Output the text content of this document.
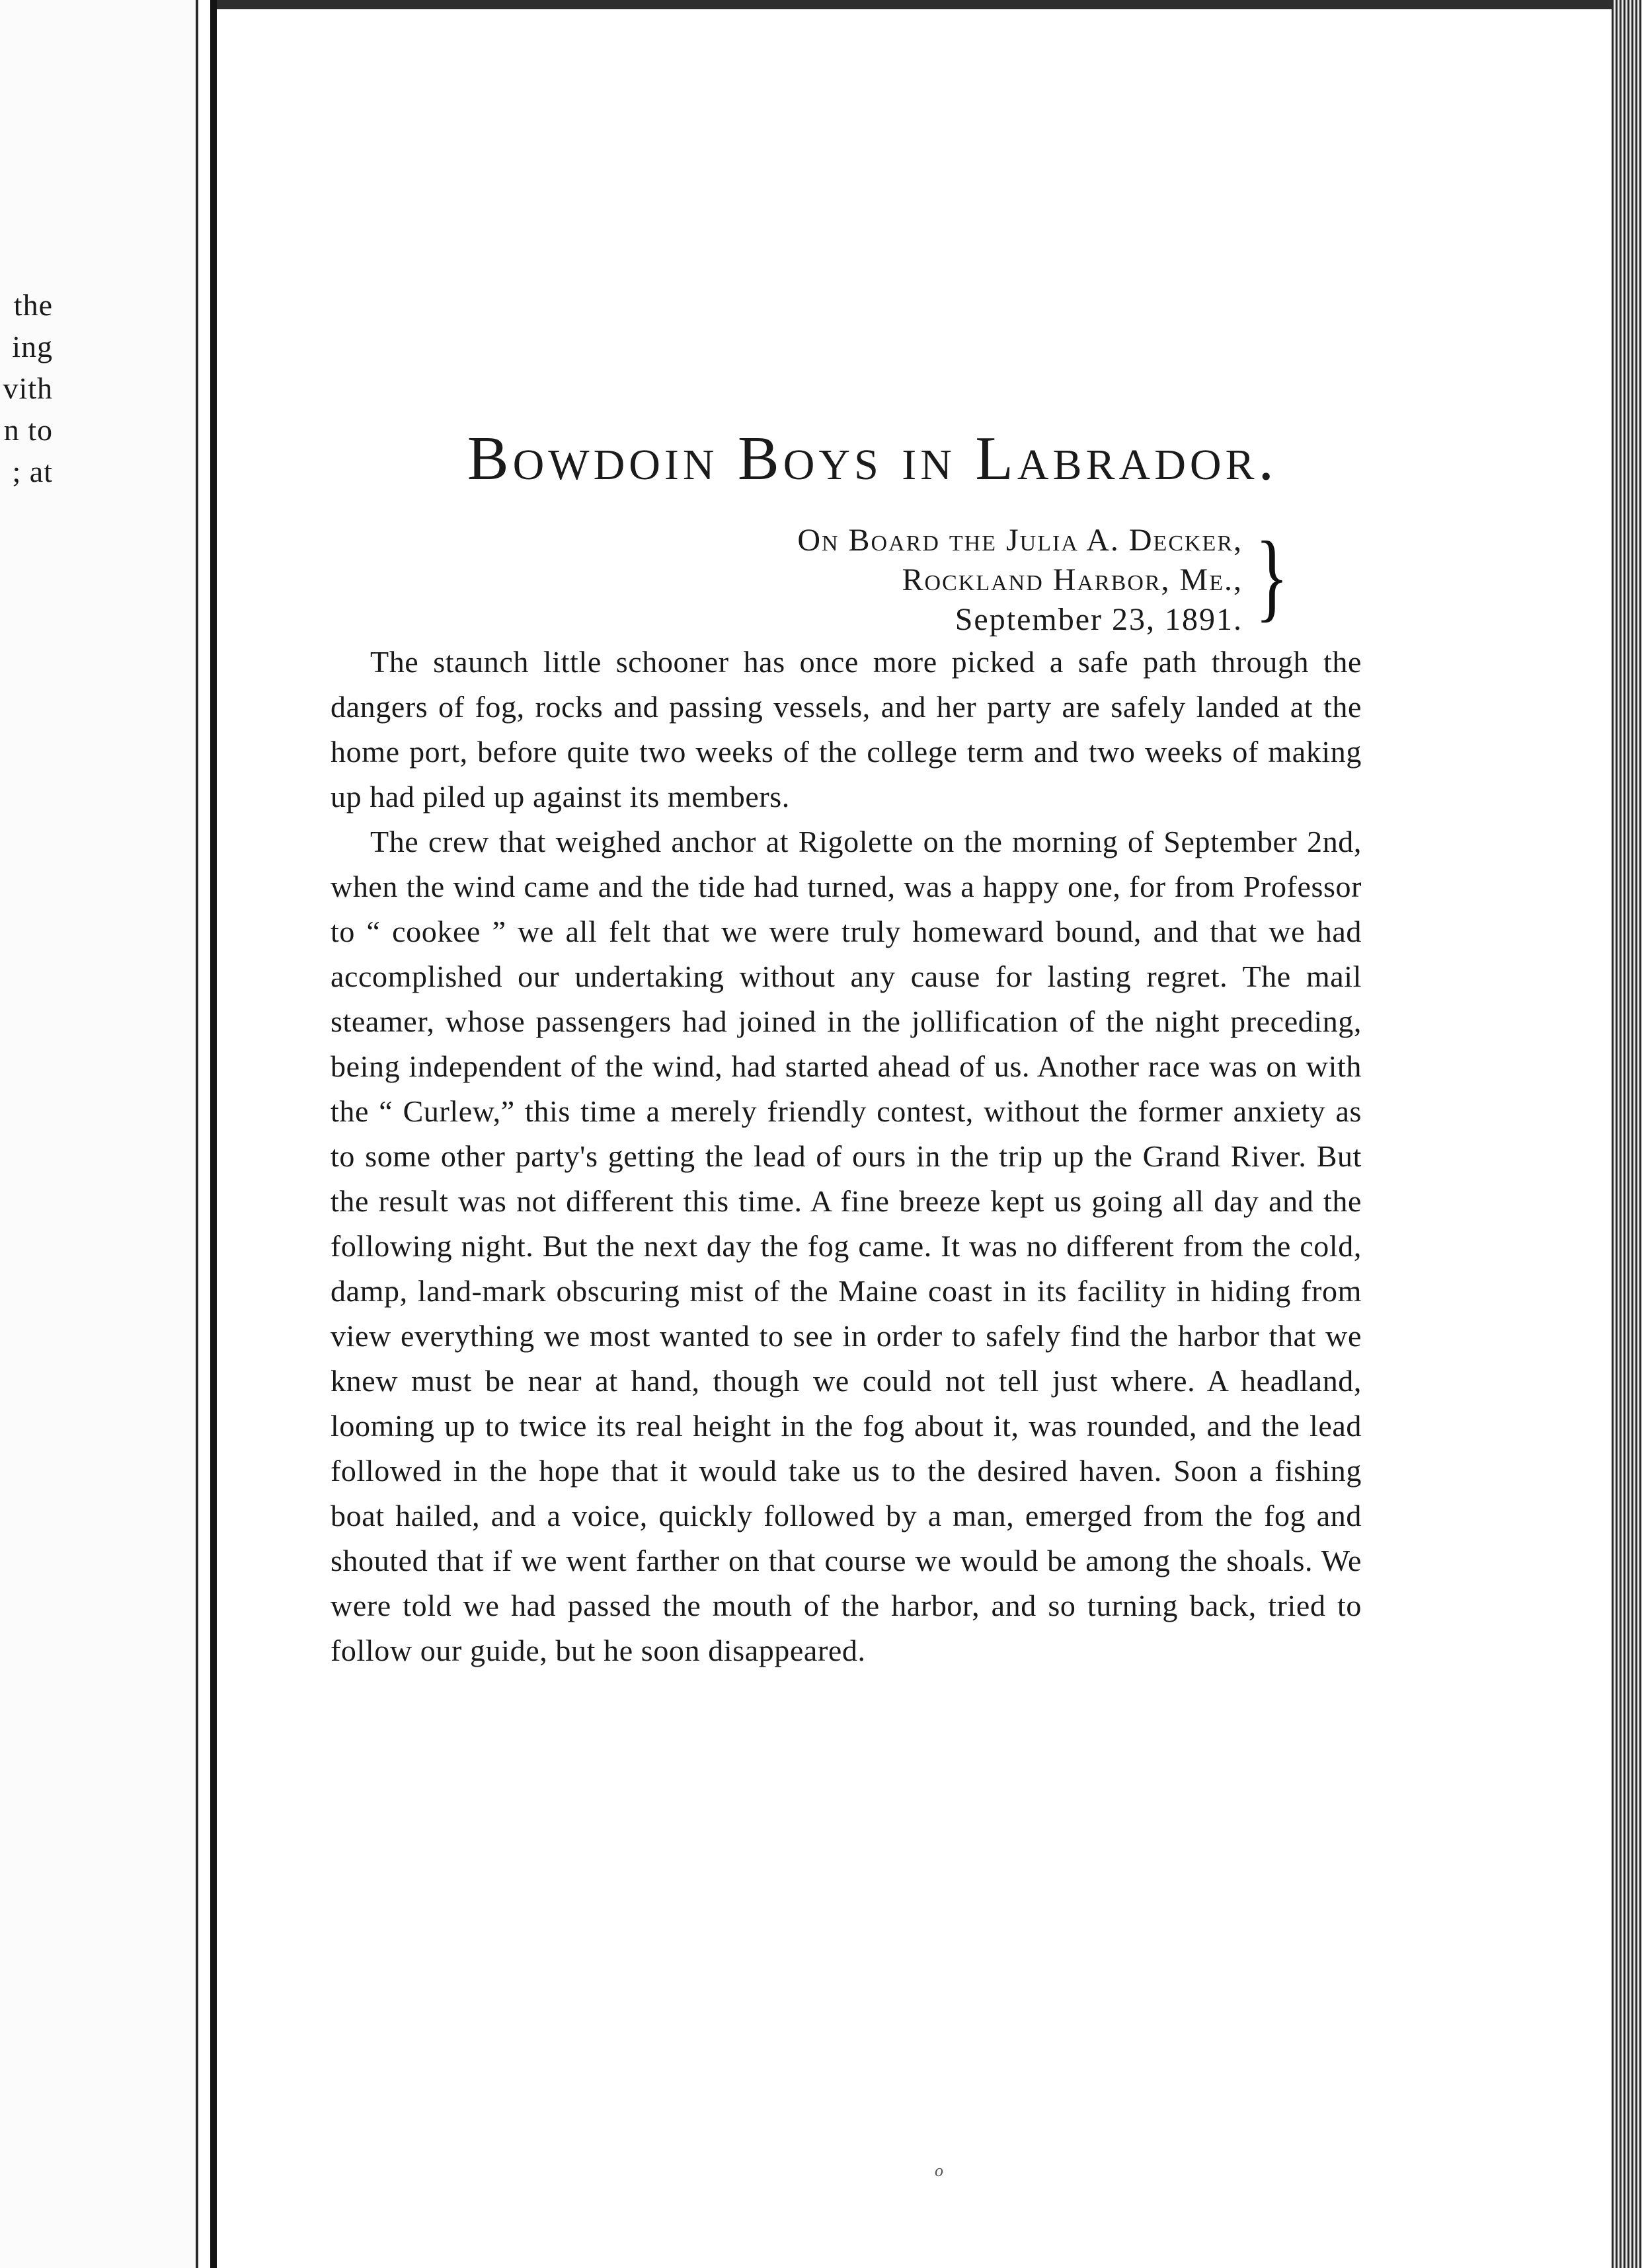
the
ing
vith
n to
; at	Bowdoin Boys in Labrador.
On Board the Julia A. Decker,
Rockland Harbor, Me.,
September 23, 1891. }

The staunch little schooner has once more picked a safe path through the dangers of fog, rocks and passing vessels, and her party are safely landed at the home port, before quite two weeks of the college term and two weeks of making up had piled up against its members.

The crew that weighed anchor at Rigolette on the morning of September 2nd, when the wind came and the tide had turned, was a happy one, for from Professor to “ cookee ” we all felt that we were truly homeward bound, and that we had accomplished our undertaking without any cause for lasting regret. The mail steamer, whose passengers had joined in the jollification of the night preceding, being independent of the wind, had started ahead of us. Another race was on with the “ Curlew,” this time a merely friendly contest, without the former anxiety as to some other party's getting the lead of ours in the trip up the Grand River. But the result was not different this time. A fine breeze kept us going all day and the following night. But the next day the fog came. It was no different from the cold, damp, land-mark obscuring mist of the Maine coast in its facility in hiding from view everything we most wanted to see in order to safely find the harbor that we knew must be near at hand, though we could not tell just where. A headland, looming up to twice its real height in the fog about it, was rounded, and the lead followed in the hope that it would take us to the desired haven. Soon a fishing boat hailed, and a voice, quickly followed by a man, emerged from the fog and shouted that if we went farther on that course we would be among the shoals. We were told we had passed the mouth of the harbor, and so turning back, tried to follow our guide, but he soon disappeared.

o
